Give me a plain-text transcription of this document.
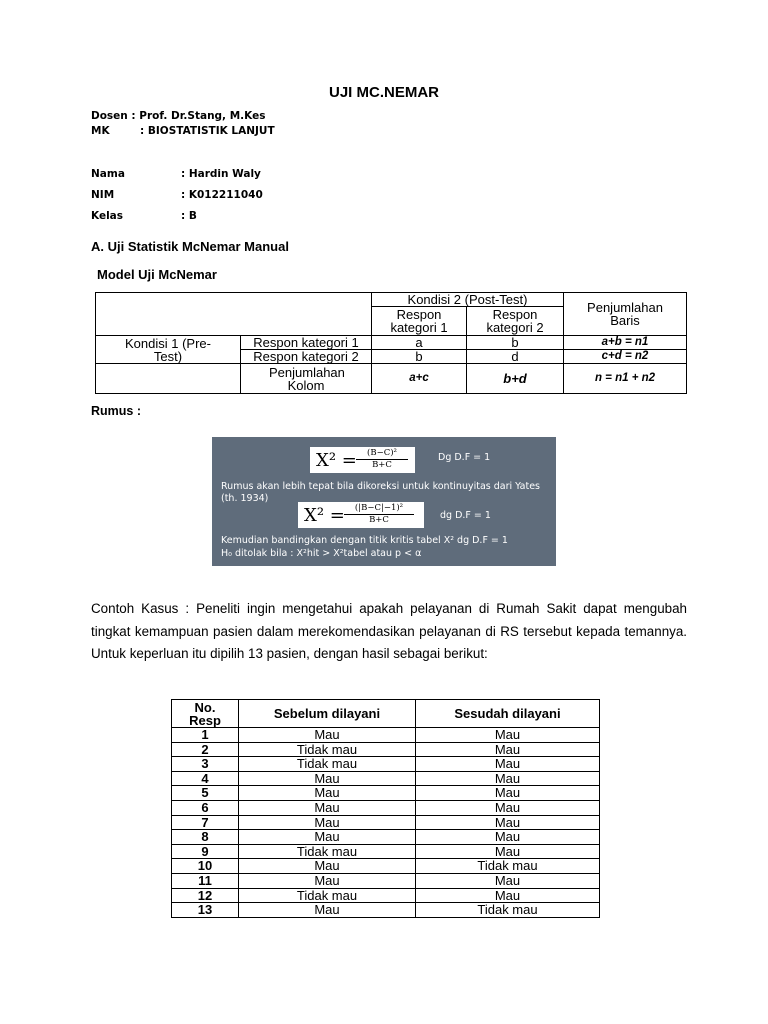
UJI MC.NEMAR
Dosen : Prof. Dr.Stang, M.Kes
MK	: BIOSTATISTIK LANJUT
Nama	: Hardin Waly
NIM	: K012211040
Kelas	: B
A. Uji Statistik McNemar Manual
Model Uji McNemar
		Kondisi 2 (Post-Test)		Penjumlahan Baris
		Respon kategori 1	Respon kategori 2	
Kondisi 1 (Pre-Test)	Respon kategori 1	a	b	a+b = n1
	Respon kategori 2	b	d	c+d = n2
	Penjumlahan Kolom	a+c	b+d	n = n1 + n2
Rumus :
$X^2 = \frac{\text{(B−C)²}}{B+C}$	Dg D.F = 1
Rumus akan lebih tepat bila dikoreksi untuk kontinuyitas dari Yates (th. 1934)
$X^2 = \frac{\text{(|B−C|−1)²}}{B+C}$	dg D.F = 1
Kemudian bandingkan dengan titik kritis tabel X² dg D.F = 1
H₀ ditolak bila : X²hit > X²tabel atau p < α

Contoh Kasus : Peneliti ingin mengetahui apakah pelayanan di Rumah Sakit dapat mengubah tingkat kemampuan pasien dalam merekomendasikan pelayanan di RS tersebut kepada temannya. Untuk keperluan itu dipilih 13 pasien, dengan hasil sebagai berikut:

No. Resp	Sebelum dilayani	Sesudah dilayani
1	Mau	Mau
2	Tidak mau	Mau
3	Tidak mau	Mau
4	Mau	Mau
5	Mau	Mau
6	Mau	Mau
7	Mau	Mau
8	Mau	Mau
9	Tidak mau	Mau
10	Mau	Tidak mau
11	Mau	Mau
12	Tidak mau	Mau
13	Mau	Tidak mau
